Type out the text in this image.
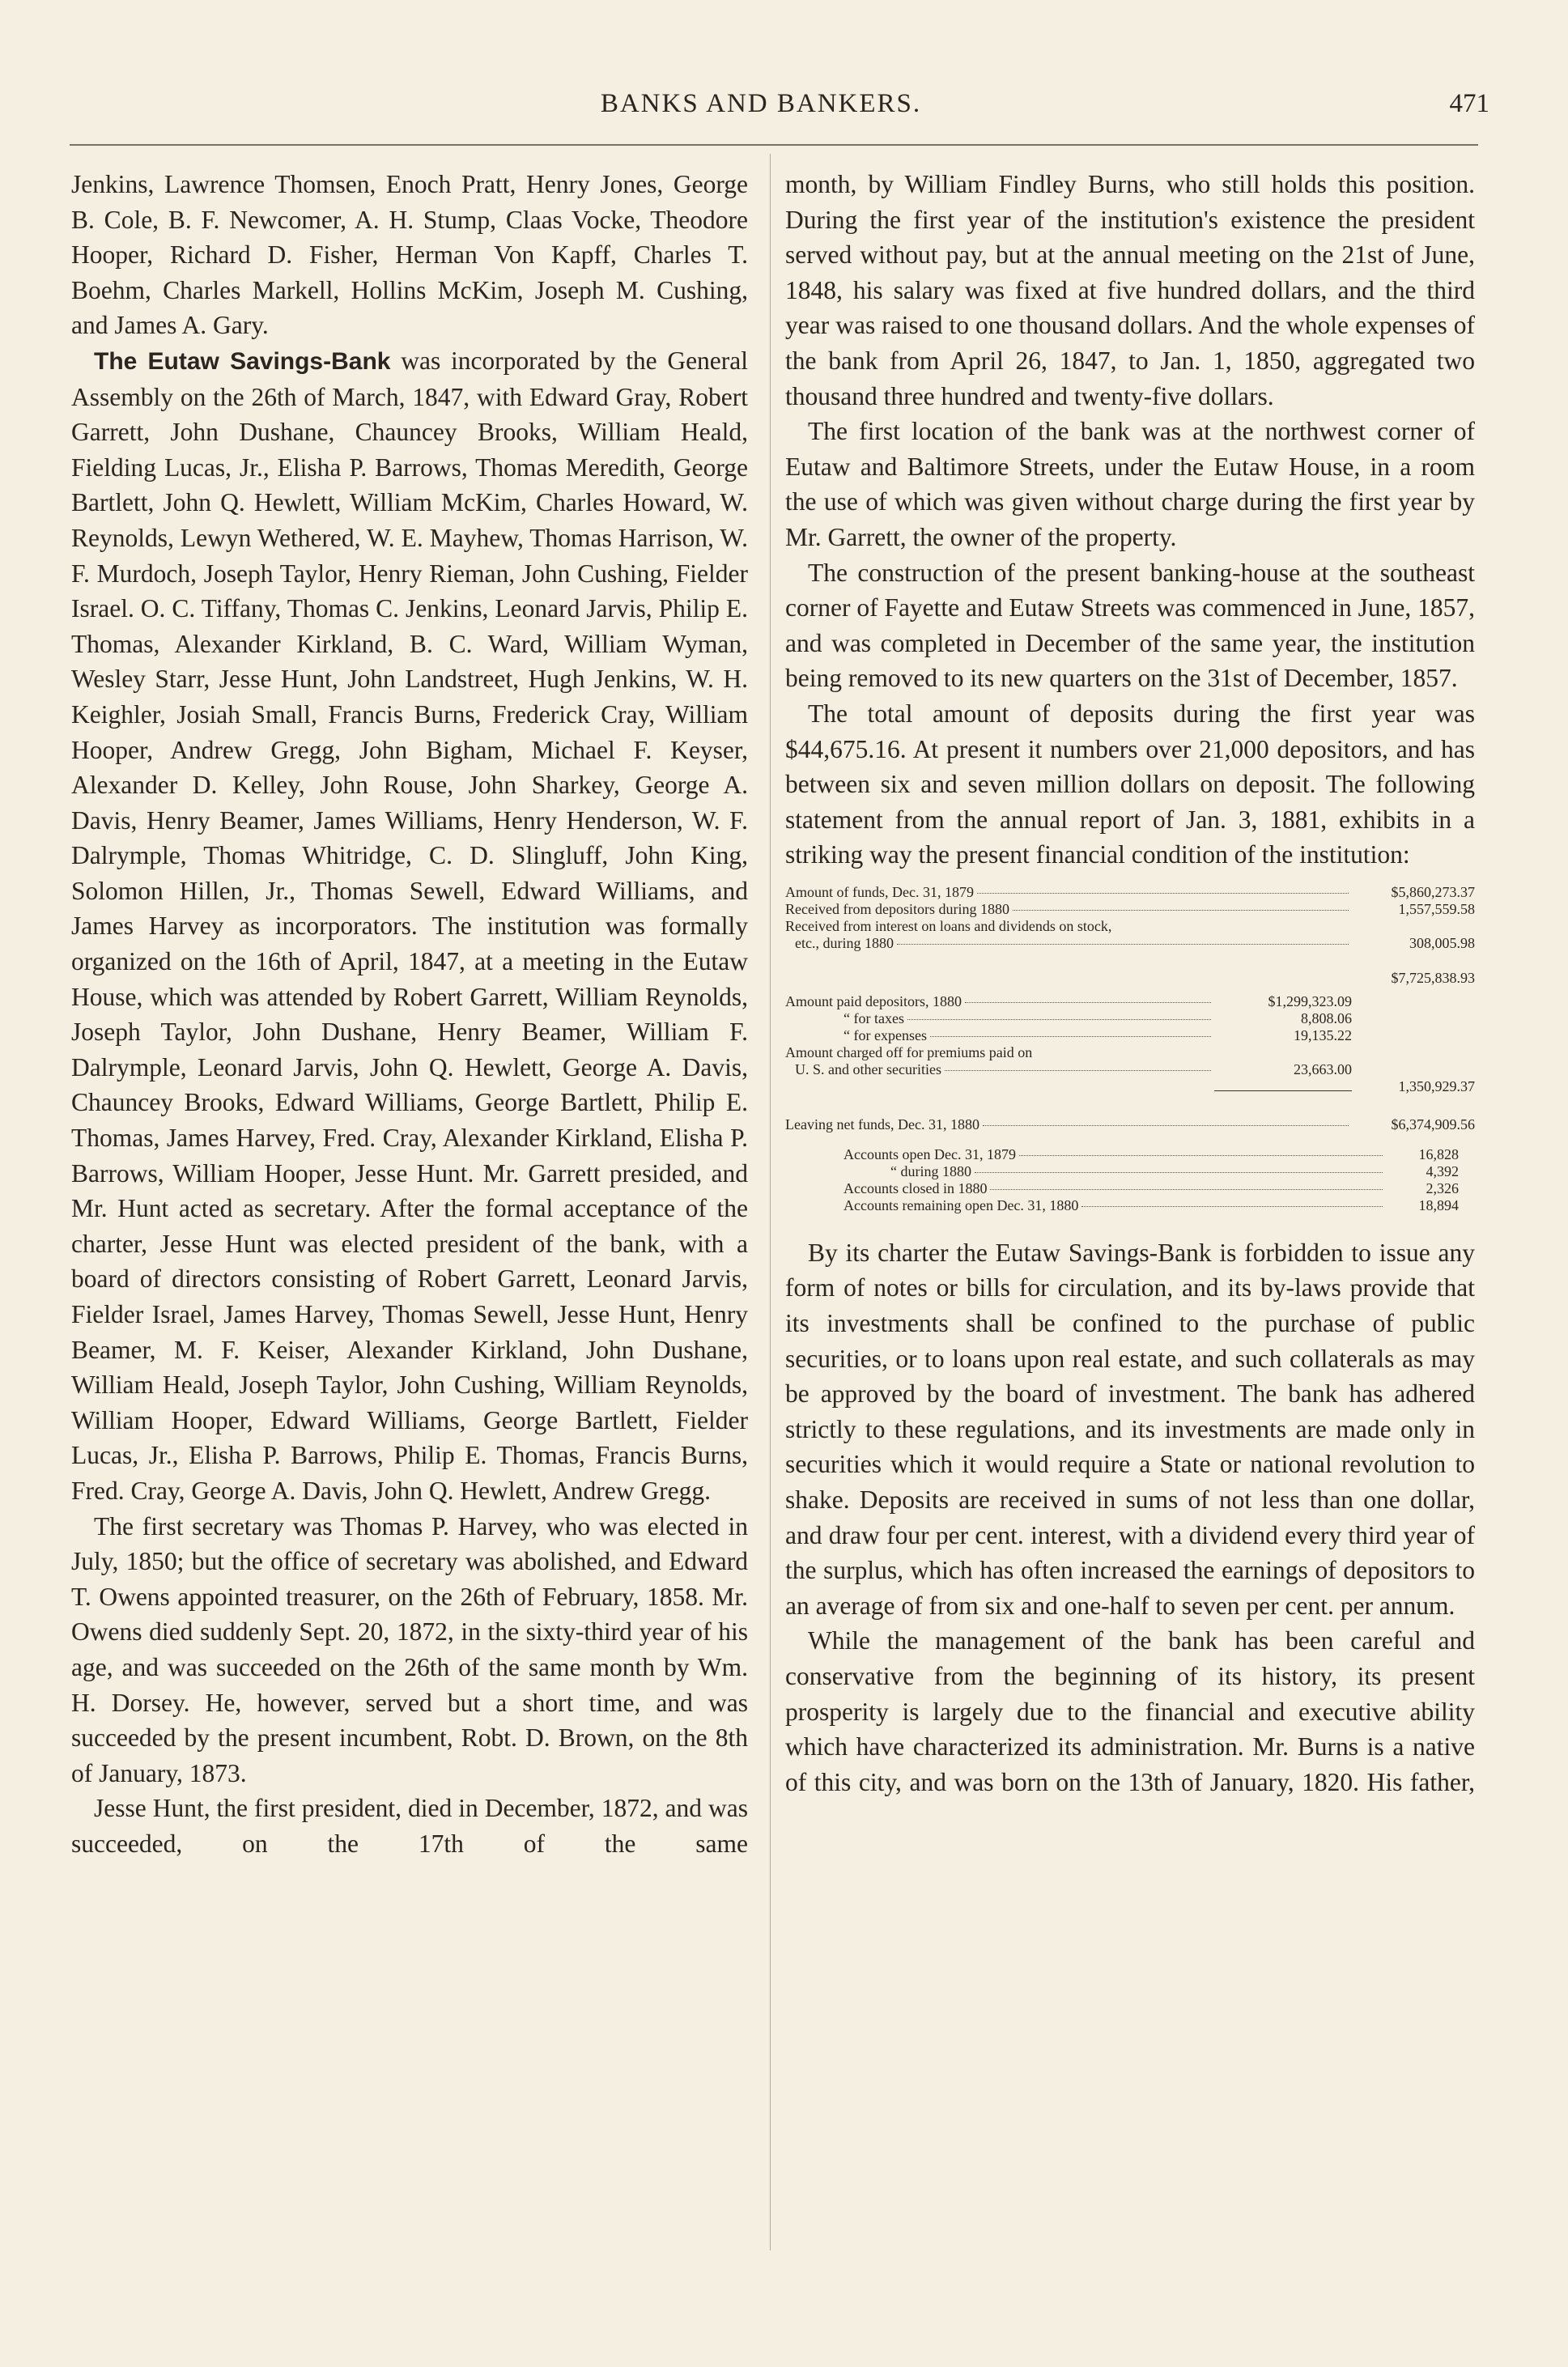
BANKS AND BANKERS.	471

Jenkins, Lawrence Thomsen, Enoch Pratt, Henry Jones, George B. Cole, B. F. Newcomer, A. H. Stump, Claas Vocke, Theodore Hooper, Richard D. Fisher, Herman Von Kapff, Charles T. Boehm, Charles Markell, Hollins McKim, Joseph M. Cushing, and James A. Gary.

The Eutaw Savings-Bank was incorporated by the General Assembly on the 26th of March, 1847, with Edward Gray, Robert Garrett, John Dushane, Chauncey Brooks, William Heald, Fielding Lucas, Jr., Elisha P. Barrows, Thomas Meredith, George Bartlett, John Q. Hewlett, William McKim, Charles Howard, W. Reynolds, Lewyn Wethered, W. E. Mayhew, Thomas Harrison, W. F. Murdoch, Joseph Taylor, Henry Rieman, John Cushing, Fielder Israel. O. C. Tiffany, Thomas C. Jenkins, Leonard Jarvis, Philip E. Thomas, Alexander Kirkland, B. C. Ward, William Wyman, Wesley Starr, Jesse Hunt, John Landstreet, Hugh Jenkins, W. H. Keighler, Josiah Small, Francis Burns, Frederick Cray, William Hooper, Andrew Gregg, John Bigham, Michael F. Keyser, Alexander D. Kelley, John Rouse, John Sharkey, George A. Davis, Henry Beamer, James Williams, Henry Henderson, W. F. Dalrymple, Thomas Whitridge, C. D. Slingluff, John King, Solomon Hillen, Jr., Thomas Sewell, Edward Williams, and James Harvey as incorporators. The institution was formally organized on the 16th of April, 1847, at a meeting in the Eutaw House, which was attended by Robert Garrett, William Reynolds, Joseph Taylor, John Dushane, Henry Beamer, William F. Dalrymple, Leonard Jarvis, John Q. Hewlett, George A. Davis, Chauncey Brooks, Edward Williams, George Bartlett, Philip E. Thomas, James Harvey, Fred. Cray, Alexander Kirkland, Elisha P. Barrows, William Hooper, Jesse Hunt. Mr. Garrett presided, and Mr. Hunt acted as secretary. After the formal acceptance of the charter, Jesse Hunt was elected president of the bank, with a board of directors consisting of Robert Garrett, Leonard Jarvis, Fielder Israel, James Harvey, Thomas Sewell, Jesse Hunt, Henry Beamer, M. F. Keiser, Alexander Kirkland, John Dushane, William Heald, Joseph Taylor, John Cushing, William Reynolds, William Hooper, Edward Williams, George Bartlett, Fielder Lucas, Jr., Elisha P. Barrows, Philip E. Thomas, Francis Burns, Fred. Cray, George A. Davis, John Q. Hewlett, Andrew Gregg.

The first secretary was Thomas P. Harvey, who was elected in July, 1850; but the office of secretary was abolished, and Edward T. Owens appointed treasurer, on the 26th of February, 1858. Mr. Owens died suddenly Sept. 20, 1872, in the sixty-third year of his age, and was succeeded on the 26th of the same month by Wm. H. Dorsey. He, however, served but a short time, and was succeeded by the present incumbent, Robt. D. Brown, on the 8th of January, 1873.

Jesse Hunt, the first president, died in December, 1872, and was succeeded, on the 17th of the same

month, by William Findley Burns, who still holds this position. During the first year of the institution's existence the president served without pay, but at the annual meeting on the 21st of June, 1848, his salary was fixed at five hundred dollars, and the third year was raised to one thousand dollars. And the whole expenses of the bank from April 26, 1847, to Jan. 1, 1850, aggregated two thousand three hundred and twenty-five dollars.

The first location of the bank was at the northwest corner of Eutaw and Baltimore Streets, under the Eutaw House, in a room the use of which was given without charge during the first year by Mr. Garrett, the owner of the property.

The construction of the present banking-house at the southeast corner of Fayette and Eutaw Streets was commenced in June, 1857, and was completed in December of the same year, the institution being removed to its new quarters on the 31st of December, 1857.

The total amount of deposits during the first year was $44,675.16. At present it numbers over 21,000 depositors, and has between six and seven million dollars on deposit. The following statement from the annual report of Jan. 3, 1881, exhibits in a striking way the present financial condition of the institution:

Amount of funds, Dec. 31, 1879	$5,860,273.37
Received from depositors during 1880	1,557,559.58
Received from interest on loans and dividends on stock,
etc., during 1880	308,005.98
$7,725,838.93
Amount paid depositors, 1880	$1,299,323.09
“ for taxes	8,808.06
“ for expenses	19,135.22
Amount charged off for premiums paid on
U. S. and other securities	23,663.00
1,350,929.37
Leaving net funds, Dec. 31, 1880	$6,374,909.56
Accounts open Dec. 31, 1879	16,828
“ during 1880	4,392
Accounts closed in 1880	2,326
Accounts remaining open Dec. 31, 1880	18,894

By its charter the Eutaw Savings-Bank is forbidden to issue any form of notes or bills for circulation, and its by-laws provide that its investments shall be confined to the purchase of public securities, or to loans upon real estate, and such collaterals as may be approved by the board of investment. The bank has adhered strictly to these regulations, and its investments are made only in securities which it would require a State or national revolution to shake. Deposits are received in sums of not less than one dollar, and draw four per cent. interest, with a dividend every third year of the surplus, which has often increased the earnings of depositors to an average of from six and one-half to seven per cent. per annum.

While the management of the bank has been careful and conservative from the beginning of its history, its present prosperity is largely due to the financial and executive ability which have characterized its administration. Mr. Burns is a native of this city, and was born on the 13th of January, 1820. His father,
